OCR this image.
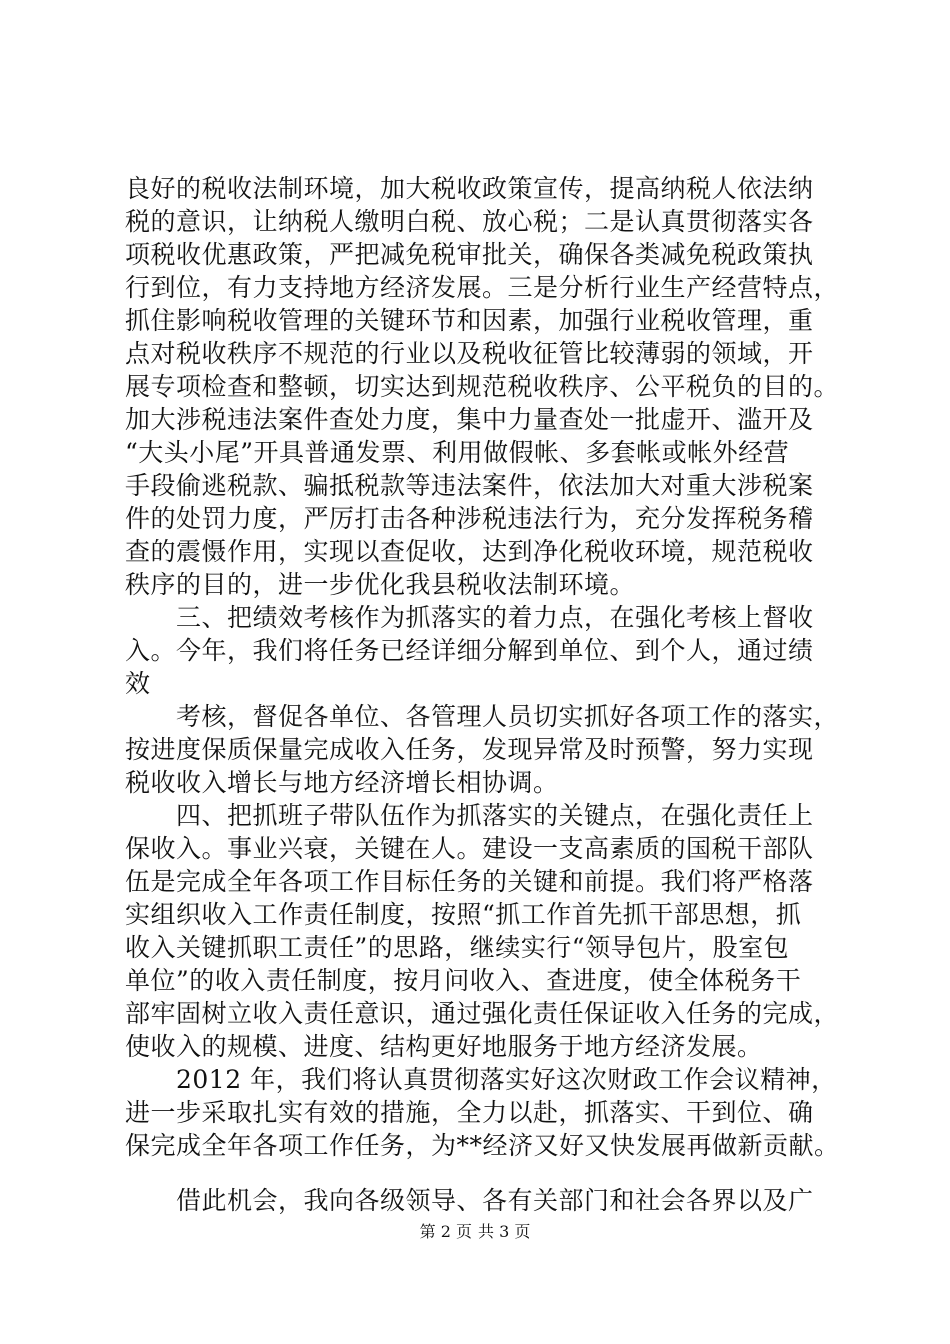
良好的税收法制环境，加大税收政策宣传，提高纳税人依法纳
税的意识，让纳税人缴明白税、放心税；二是认真贯彻落实各
项税收优惠政策，严把减免税审批关，确保各类减免税政策执
行到位，有力支持地方经济发展。三是分析行业生产经营特点，
抓住影响税收管理的关键环节和因素，加强行业税收管理，重
点对税收秩序不规范的行业以及税收征管比较薄弱的领域，开
展专项检查和整顿，切实达到规范税收秩序、公平税负的目的。
加大涉税违法案件查处力度，集中力量查处一批虚开、滥开及
“大头小尾”开具普通发票、利用做假帐、多套帐或帐外经营
手段偷逃税款、骗抵税款等违法案件，依法加大对重大涉税案
件的处罚力度，严厉打击各种涉税违法行为，充分发挥税务稽
查的震慑作用，实现以查促收，达到净化税收环境，规范税收
秩序的目的，进一步优化我县税收法制环境。
　　三、把绩效考核作为抓落实的着力点，在强化考核上督收
入。今年，我们将任务已经详细分解到单位、到个人，通过绩
效
　　考核，督促各单位、各管理人员切实抓好各项工作的落实，
按进度保质保量完成收入任务，发现异常及时预警，努力实现
税收收入增长与地方经济增长相协调。
　　四、把抓班子带队伍作为抓落实的关键点，在强化责任上
保收入。事业兴衰，关键在人。建设一支高素质的国税干部队
伍是完成全年各项工作目标任务的关键和前提。我们将严格落
实组织收入工作责任制度，按照“抓工作首先抓干部思想，抓
收入关键抓职工责任”的思路，继续实行“领导包片，股室包
单位”的收入责任制度，按月问收入、查进度，使全体税务干
部牢固树立收入责任意识，通过强化责任保证收入任务的完成，
使收入的规模、进度、结构更好地服务于地方经济发展。
　　2012 年，我们将认真贯彻落实好这次财政工作会议精神，
进一步采取扎实有效的措施，全力以赴，抓落实、干到位、确
保完成全年各项工作任务，为**经济又好又快发展再做新贡献。
　　借此机会，我向各级领导、各有关部门和社会各界以及广
第 2 页 共 3 页
